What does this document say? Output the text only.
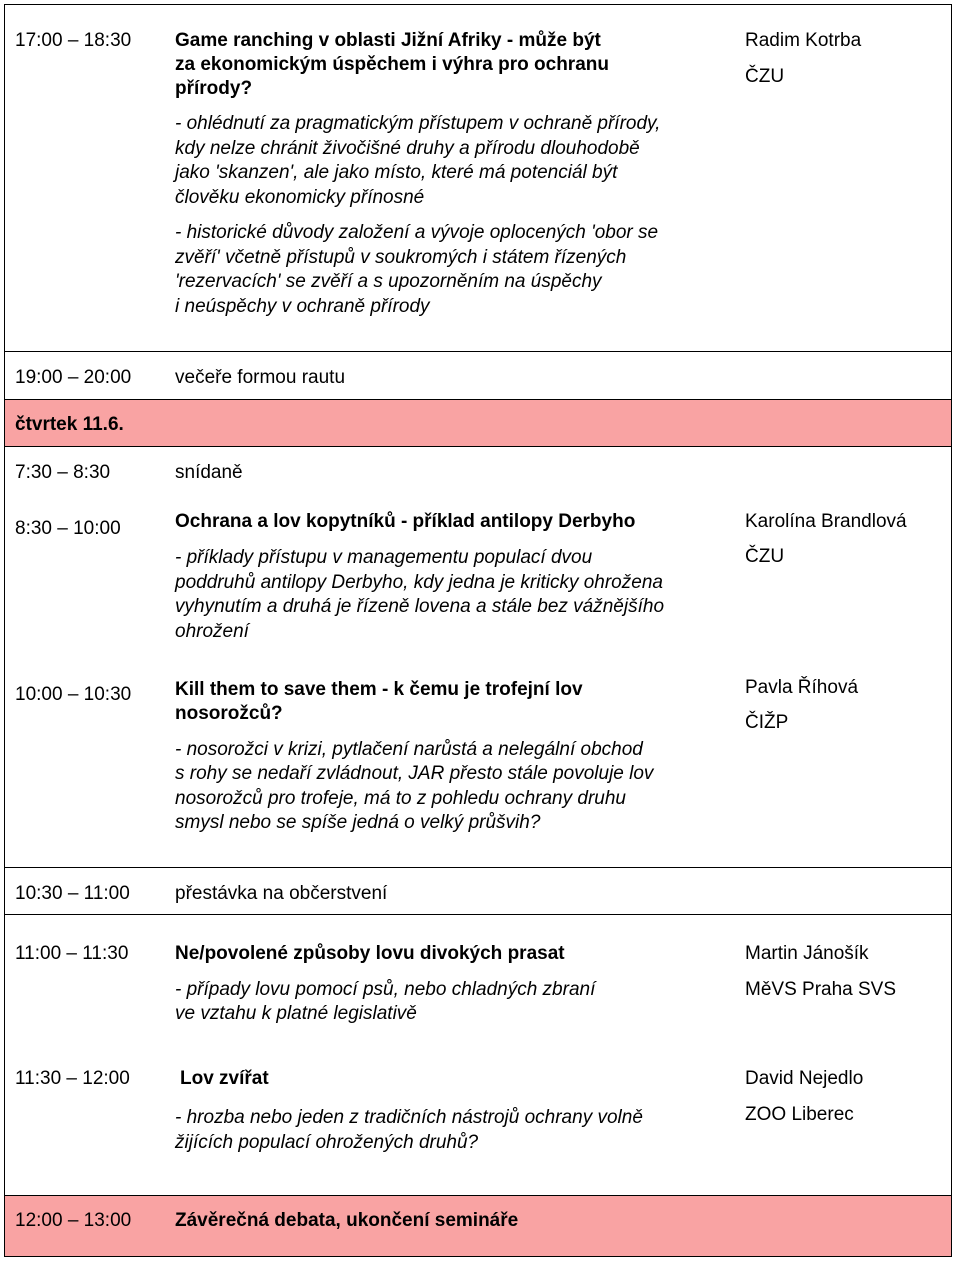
17:00 – 18:30 Game ranching v oblasti Jižní Afriky - může být
za ekonomickým úspěchem i výhra pro ochranu
přírody?
- ohlédnutí za pragmatickým přístupem v ochraně přírody,
kdy nelze chránit živočišné druhy a přírodu dlouhodobě
jako 'skanzen', ale jako místo, které má potenciál být
člověku ekonomicky přínosné
- historické důvody založení a vývoje oplocených 'obor se
zvěří' včetně přístupů v soukromých i státem řízených
'rezervacích' se zvěří a s upozorněním na úspěchy
i neúspěchy v ochraně přírody
Radim Kotrba
ČZU
19:00 – 20:00 večeře formou rautu
čtvrtek 11.6.
7:30 – 8:30	snídaně
8:30 – 10:00	Ochrana a lov kopytníků - příklad antilopy Derbyho
- příklady přístupu v managementu populací dvou
poddruhů antilopy Derbyho, kdy jedna je kriticky ohrožena
vyhynutím a druhá je řízeně lovena a stále bez vážnějšího
ohrožení
Karolína Brandlová
ČZU
10:00 – 10:30 Kill them to save them - k čemu je trofejní lov
nosorožců?
- nosorožci v krizi, pytlačení narůstá a nelegální obchod
s rohy se nedaří zvládnout, JAR přesto stále povoluje lov
nosorožců pro trofeje, má to z pohledu ochrany druhu
smysl nebo se spíše jedná o velký průšvih?
Pavla Říhová
ČIŽP
10:30 – 11:00 přestávka na občerstvení
11:00 – 11:30 Ne/povolené způsoby lovu divokých prasat
- případy lovu pomocí psů, nebo chladných zbraní
ve vztahu k platné legislativě
Martin Jánošík
MěVS Praha SVS
11:30 – 12:00	Lov zvířat
- hrozba nebo jeden z tradičních nástrojů ochrany volně
žijících populací ohrožených druhů?
David Nejedlo
ZOO Liberec
12:00 – 13:00 Závěrečná debata, ukončení semináře
